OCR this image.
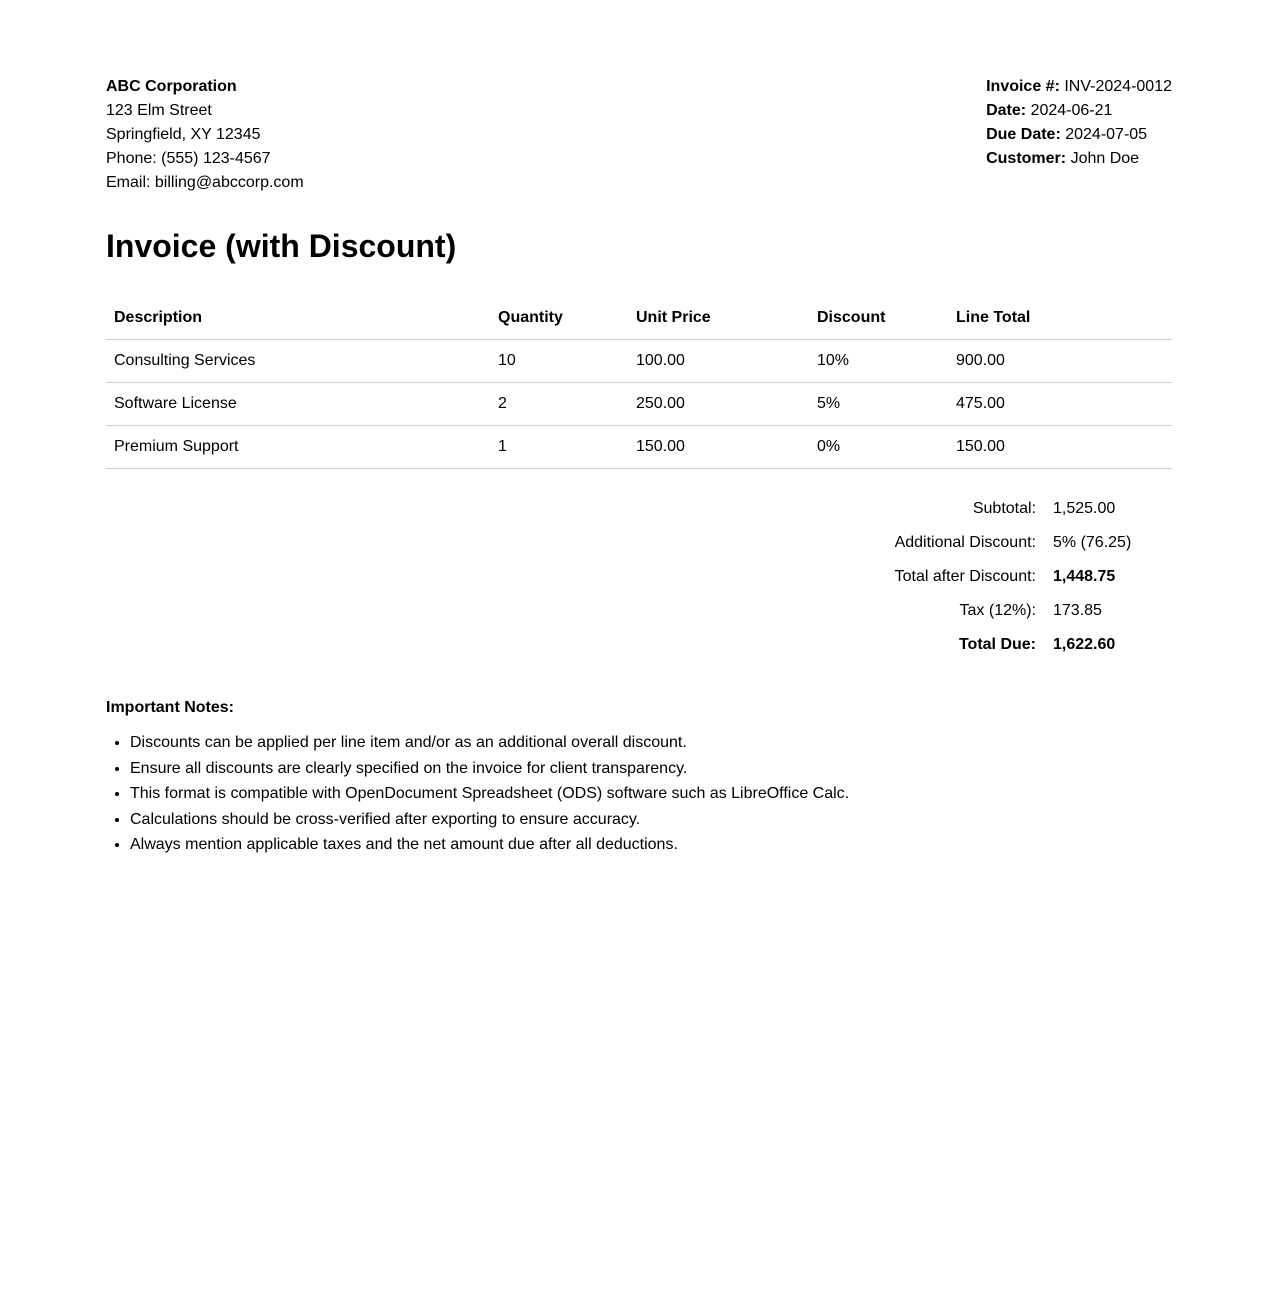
ABC Corporation
123 Elm Street
Springfield, XY 12345
Phone: (555) 123-4567
Email: billing@abccorp.com
Invoice #: INV-2024-0012
Date: 2024-06-21
Due Date: 2024-07-05
Customer: John Doe
Invoice (with Discount)
Description	Quantity	Unit Price	Discount	Line Total
Consulting Services	10	100.00	10%	900.00
Software License	2	250.00	5%	475.00
Premium Support	1	150.00	0%	150.00
Subtotal:	1,525.00
Additional Discount:	5% (76.25)
Total after Discount:	1,448.75
Tax (12%):	173.85
Total Due:	1,622.60
Important Notes:
• Discounts can be applied per line item and/or as an additional overall discount.
• Ensure all discounts are clearly specified on the invoice for client transparency.
• This format is compatible with OpenDocument Spreadsheet (ODS) software such as LibreOffice Calc.
• Calculations should be cross-verified after exporting to ensure accuracy.
• Always mention applicable taxes and the net amount due after all deductions.
